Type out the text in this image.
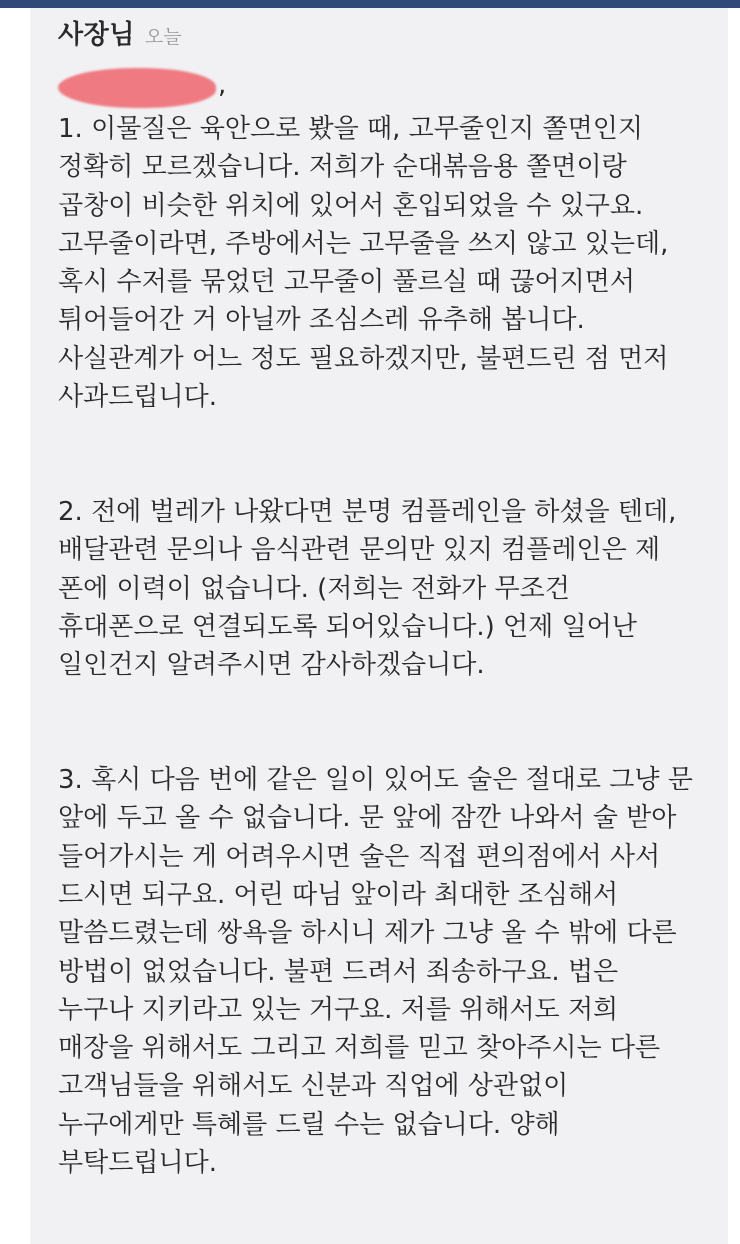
사장님 오늘
,
1. 이물질은 육안으로 봤을 때, 고무줄인지 쫄면인지
정확히 모르겠습니다. 저희가 순대볶음용 쫄면이랑
곱창이 비슷한 위치에 있어서 혼입되었을 수 있구요.
고무줄이라면, 주방에서는 고무줄을 쓰지 않고 있는데,
혹시 수저를 묶었던 고무줄이 풀르실 때 끊어지면서
튀어들어간 거 아닐까 조심스레 유추해 봅니다.
사실관계가 어느 정도 필요하겠지만, 불편드린 점 먼저
사과드립니다.
2. 전에 벌레가 나왔다면 분명 컴플레인을 하셨을 텐데,
배달관련 문의나 음식관련 문의만 있지 컴플레인은 제
폰에 이력이 없습니다. (저희는 전화가 무조건
휴대폰으로 연결되도록 되어있습니다.) 언제 일어난
일인건지 알려주시면 감사하겠습니다.
3. 혹시 다음 번에 같은 일이 있어도 술은 절대로 그냥 문
앞에 두고 올 수 없습니다. 문 앞에 잠깐 나와서 술 받아
들어가시는 게 어려우시면 술은 직접 편의점에서 사서
드시면 되구요. 어린 따님 앞이라 최대한 조심해서
말씀드렸는데 쌍욕을 하시니 제가 그냥 올 수 밖에 다른
방법이 없었습니다. 불편 드려서 죄송하구요. 법은
누구나 지키라고 있는 거구요. 저를 위해서도 저희
매장을 위해서도 그리고 저희를 믿고 찾아주시는 다른
고객님들을 위해서도 신분과 직업에 상관없이
누구에게만 특혜를 드릴 수는 없습니다. 양해
부탁드립니다.
